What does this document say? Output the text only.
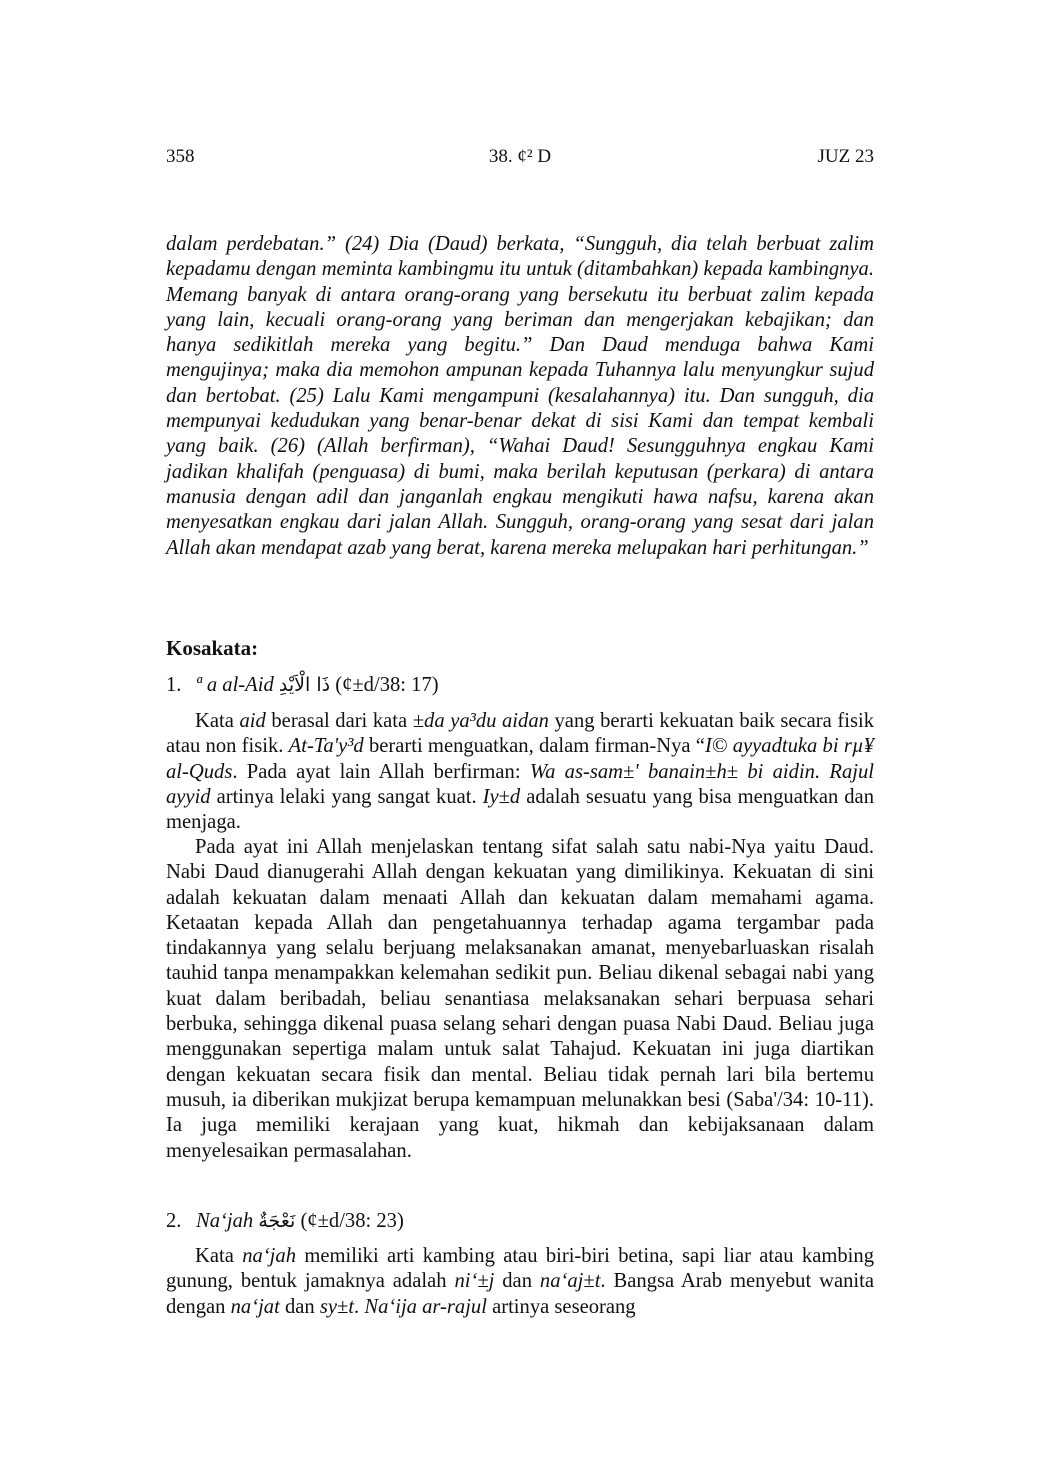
358	38. ¢² D	JUZ 23

dalam perdebatan.” (24) Dia (Daud) berkata, “Sungguh, dia telah berbuat zalim kepadamu dengan meminta kambingmu itu untuk (ditambahkan) kepada kambingnya. Memang banyak di antara orang-orang yang bersekutu itu berbuat zalim kepada yang lain, kecuali orang-orang yang beriman dan mengerjakan kebajikan; dan hanya sedikitlah mereka yang begitu.” Dan Daud menduga bahwa Kami mengujinya; maka dia memohon ampunan kepada Tuhannya lalu menyungkur sujud dan bertobat. (25) Lalu Kami mengampuni (kesalahannya) itu. Dan sungguh, dia mempunyai kedudukan yang benar-benar dekat di sisi Kami dan tempat kembali yang baik. (26) (Allah berfirman), “Wahai Daud! Sesungguhnya engkau Kami jadikan khalifah (penguasa) di bumi, maka berilah keputusan (perkara) di antara manusia dengan adil dan janganlah engkau mengikuti hawa nafsu, karena akan menyesatkan engkau dari jalan Allah. Sungguh, orang-orang yang sesat dari jalan Allah akan mendapat azab yang berat, karena mereka melupakan hari perhitungan.”

Kosakata:
1. ª a al-Aid ذَا الْاَيْدِ (¢±d/38: 17)

Kata aid berasal dari kata ±da ya³du aidan yang berarti kekuatan baik secara fisik atau non fisik. At-Ta'y³d berarti menguatkan, dalam firman-Nya “I© ayyadtuka bi rµ¥ al-Quds. Pada ayat lain Allah berfirman: Wa as-sam±' banain±h± bi aidin. Rajul ayyid artinya lelaki yang sangat kuat. Iy±d adalah sesuatu yang bisa menguatkan dan menjaga.

Pada ayat ini Allah menjelaskan tentang sifat salah satu nabi-Nya yaitu Daud. Nabi Daud dianugerahi Allah dengan kekuatan yang dimilikinya. Kekuatan di sini adalah kekuatan dalam menaati Allah dan kekuatan dalam memahami agama. Ketaatan kepada Allah dan pengetahuannya terhadap agama tergambar pada tindakannya yang selalu berjuang melaksanakan amanat, menyebarluaskan risalah tauhid tanpa menampakkan kelemahan sedikit pun. Beliau dikenal sebagai nabi yang kuat dalam beribadah, beliau senantiasa melaksanakan sehari berpuasa sehari berbuka, sehingga dikenal puasa selang sehari dengan puasa Nabi Daud. Beliau juga menggunakan sepertiga malam untuk salat Tahajud. Kekuatan ini juga diartikan dengan kekuatan secara fisik dan mental. Beliau tidak pernah lari bila bertemu musuh, ia diberikan mukjizat berupa kemampuan melunakkan besi (Saba'/34: 10-11). Ia juga memiliki kerajaan yang kuat, hikmah dan kebijaksanaan dalam menyelesaikan permasalahan.

2. Na‘jah نَعْجَةٌ (¢±d/38: 23)

Kata na‘jah memiliki arti kambing atau biri-biri betina, sapi liar atau kambing gunung, bentuk jamaknya adalah ni‘±j dan na‘aj±t. Bangsa Arab menyebut wanita dengan na‘jat dan sy±t. Na‘ija ar-rajul artinya seseorang
